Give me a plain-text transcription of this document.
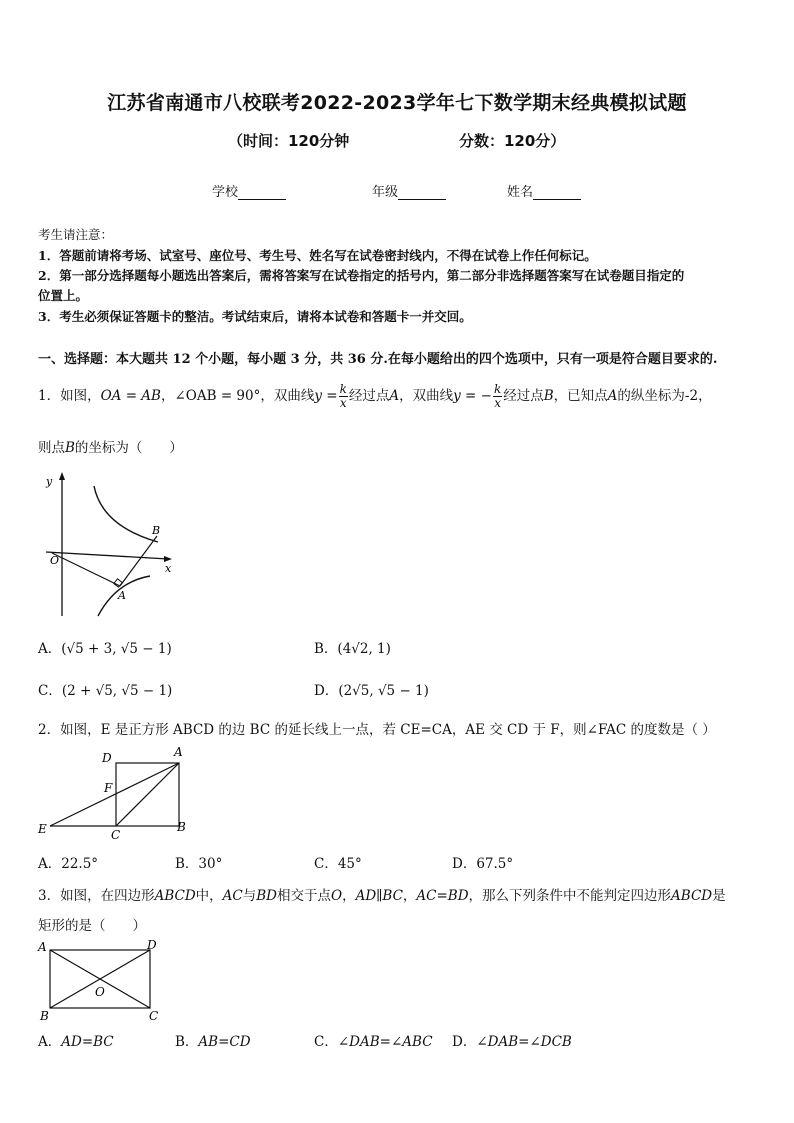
江苏省南通市八校联考2022-2023学年七下数学期末经典模拟试题
（时间：120分钟	分数：120分）
学校	年级	姓名
考生请注意：
1．答题前请将考场、试室号、座位号、考生号、姓名写在试卷密封线内，不得在试卷上作任何标记。
2．第一部分选择题每小题选出答案后，需将答案写在试卷指定的括号内，第二部分非选择题答案写在试卷题目指定的
位置上。
3．考生必须保证答题卡的整洁。考试结束后，请将本试卷和答题卡一并交回。
一、选择题：本大题共 12 个小题，每小题 3 分，共 36 分.在每小题给出的四个选项中，只有一项是符合题目要求的.
1．如图，OA = AB，∠OAB = 90°，双曲线$y = \frac{k}{x}$ 经过点A，双曲线y = − $\frac{k}{x}$ 经过点B，已知点A的纵坐标为-2，
则点B的坐标为（　　）
y
x
O
A
B
A．(√5 + 3, √5 − 1)	B．(4√2, 1)
C．(2 + √5, √5 − 1)	D．(2√5, √5 − 1)
2．如图，E 是正方形 ABCD 的边 BC 的延长线上一点，若 CE=CA，AE 交 CD 于 F，则∠FAC 的度数是（ ）
D	A
F
E	C
B
A．22.5°	B．30°	C．45°	D．67.5°
3．如图，在四边形ABCD中，AC与BD相交于点O，AD∥BC，AC=BD，那么下列条件中不能判定四边形ABCD是
矩形的是（　　）
A	D
O
B	C
A．AD=BC	B．AB=CD	C．∠DAB=∠ABC D．∠DAB=∠DCB
